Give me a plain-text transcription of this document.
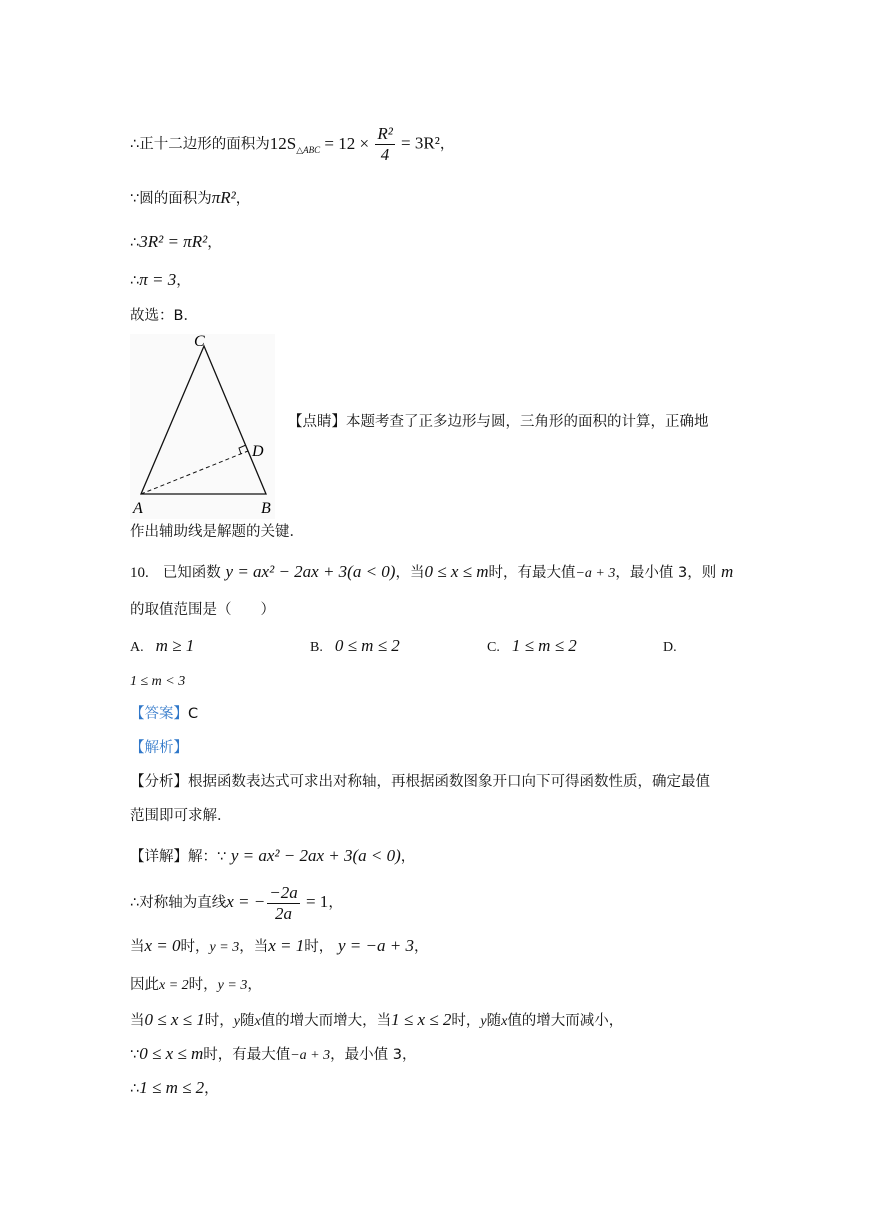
∴正十二边形的面积为$12S_{\triangle ABC} = 12 \times \frac{\text{R²}}{4} = 3R^2$，
∵圆的面积为πR²，
∴3R² = πR²，
∴π = 3，
故选：B．
C
D
A	B
【点睛】本题考查了正多边形与圆，三角形的面积的计算，正确地
作出辅助线是解题的关键．
10. 已知函数 y = ax² − 2ax + 3(a < 0)，当0 ≤ x ≤ m时，有最大值−a + 3，最小值 3，则 m
的取值范围是（　　）
A. m ≥ 1	B. 0 ≤ m ≤ 2	C. 1 ≤ m ≤ 2	D.
1 ≤ m < 3
【答案】C
【解析】
【分析】根据函数表达式可求出对称轴，再根据函数图象开口向下可得函数性质，确定最值
范围即可求解．
【详解】解：∵ y = ax² − 2ax + 3(a < 0)，
∴对称轴为直线x = − $\frac{-2a}{2a} = 1$，
当x = 0时，y = 3，当x = 1时， y = −a + 3，
因此x = 2时，y = 3，
当0 ≤ x ≤ 1时，y随x值的增大而增大，当1 ≤ x ≤ 2时，y随x值的增大而减小，
∵0 ≤ x ≤ m时，有最大值−a + 3，最小值 3，
∴1 ≤ m ≤ 2，
